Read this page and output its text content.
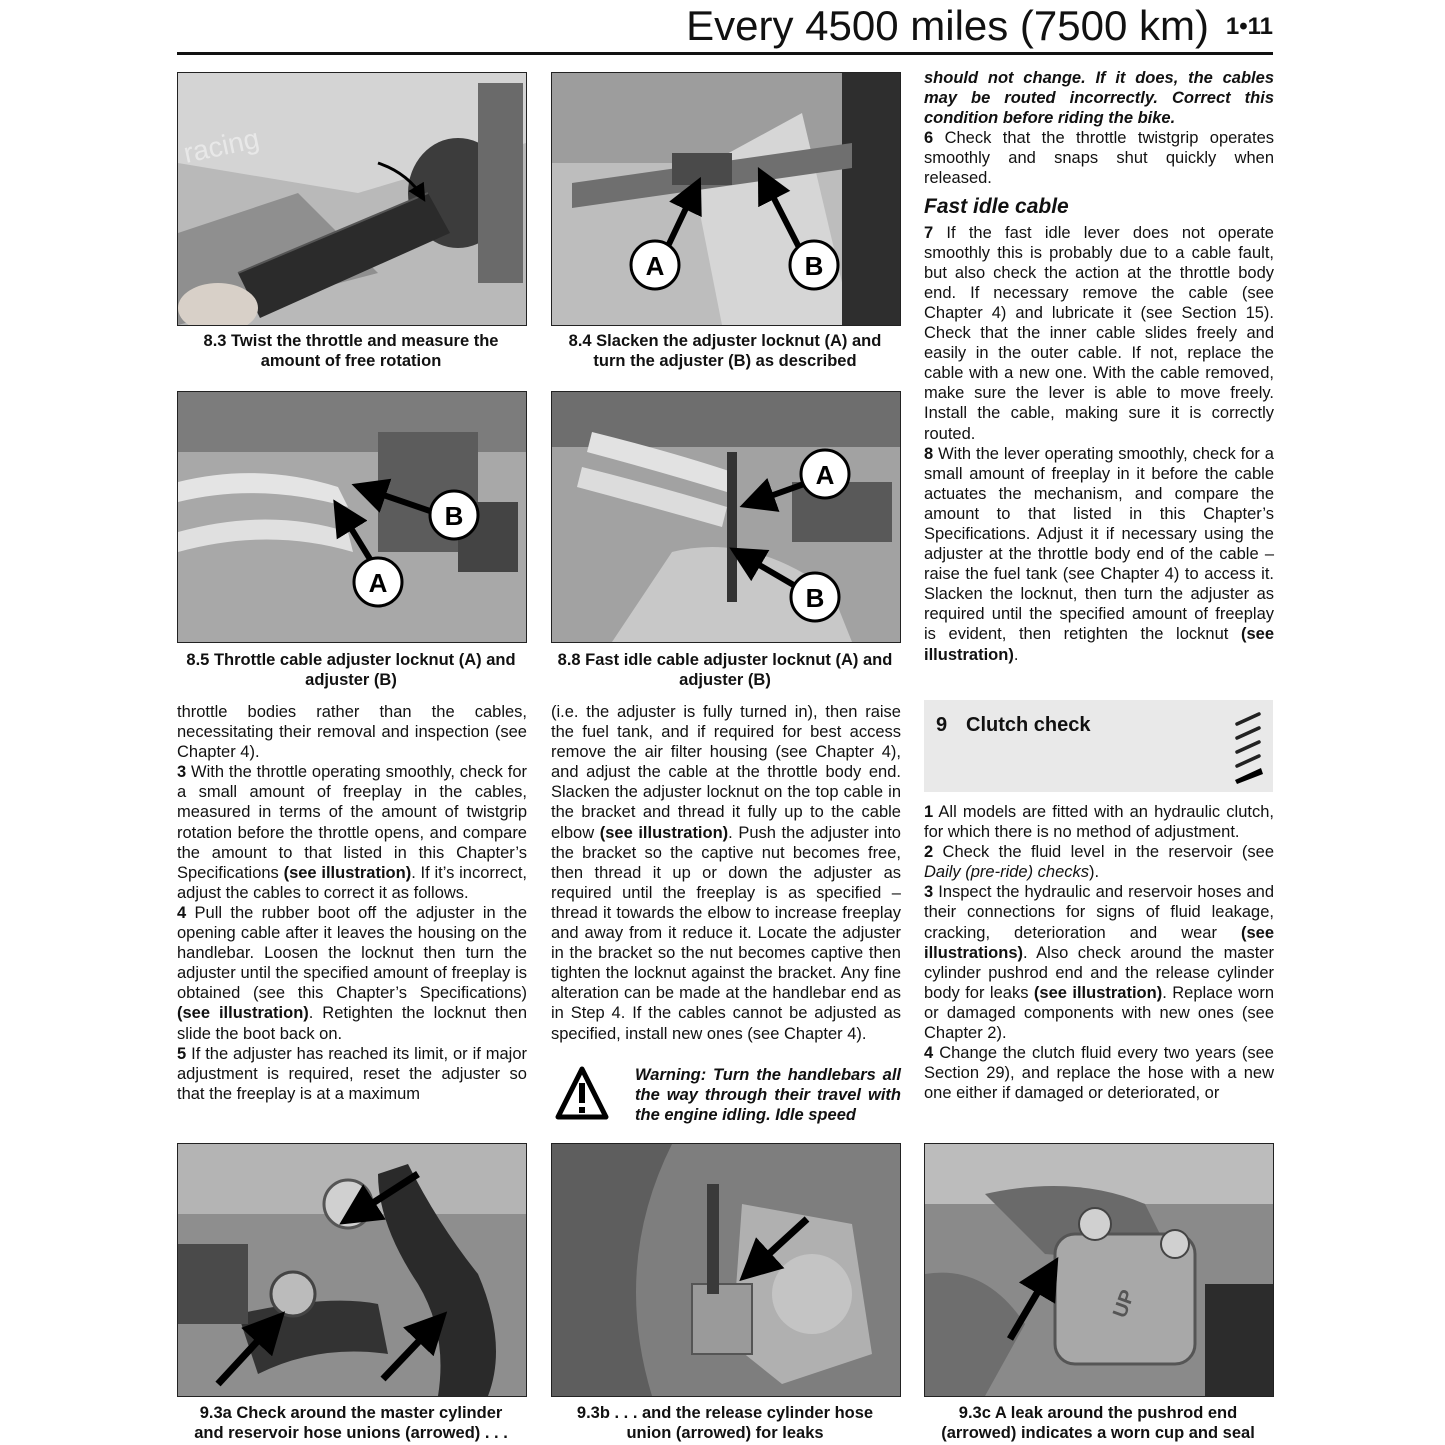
Every 4500 miles (7500 km) 1•11
racing
8.3 Twist the throttle and measure the
amount of free rotation
A	B
8.4 Slacken the adjuster locknut (A) and
turn the adjuster (B) as described
B
A
8.5 Throttle cable adjuster locknut (A) and
adjuster (B)
A
B
8.8 Fast idle cable adjuster locknut (A) and
adjuster (B)

throttle bodies rather than the cables, necessitating their removal and inspection (see Chapter 4).

3 With the throttle operating smoothly, check for a small amount of freeplay in the cables, measured in terms of the amount of twistgrip rotation before the throttle opens, and compare the amount to that listed in this Chapter’s Specifications (see illustration). If it’s incorrect, adjust the cables to correct it as follows.

4 Pull the rubber boot off the adjuster in the opening cable after it leaves the housing on the handlebar. Loosen the locknut then turn the adjuster until the specified amount of freeplay is obtained (see this Chapter’s Specifications) (see illustration). Retighten the locknut then slide the boot back on.

5 If the adjuster has reached its limit, or if major adjustment is required, reset the adjuster so that the freeplay is at a maximum

(i.e. the adjuster is fully turned in), then raise the fuel tank, and if required for best access remove the air filter housing (see Chapter 4), and adjust the cable at the throttle body end. Slacken the adjuster locknut on the top cable in the bracket and thread it fully up to the cable elbow (see illustration). Push the adjuster into the bracket so the captive nut becomes free, then thread it up or down the adjuster as required until the freeplay is as specified – thread it towards the elbow to increase freeplay and away from it reduce it. Locate the adjuster in the bracket so the nut becomes captive then tighten the locknut against the bracket. Any fine alteration can be made at the handlebar end as in Step 4. If the cables cannot be adjusted as specified, install new ones (see Chapter 4).

Warning: Turn the handlebars all the way through their travel with the engine idling. Idle speed

should not change. If it does, the cables may be routed incorrectly. Correct this condition before riding the bike.

6 Check that the throttle twistgrip operates smoothly and snaps shut quickly when released.

Fast idle cable

7 If the fast idle lever does not operate smoothly this is probably due to a cable fault, but also check the action at the throttle body end. If necessary remove the cable (see Chapter 4) and lubricate it (see Section 15). Check that the inner cable slides freely and easily in the outer cable. If not, replace the cable with a new one. With the cable removed, make sure the lever is able to move freely. Install the cable, making sure it is correctly routed.

8 With the lever operating smoothly, check for a small amount of freeplay in it before the cable actuates the mechanism, and compare the amount to that listed in this Chapter’s Specifications. Adjust it if necessary using the adjuster at the throttle body end of the cable – raise the fuel tank (see Chapter 4) to access it. Slacken the locknut, then turn the adjuster as required until the specified amount of freeplay is evident, then retighten the locknut (see illustration).

9 Clutch check

1 All models are fitted with an hydraulic clutch, for which there is no method of adjustment.

2 Check the fluid level in the reservoir (see Daily (pre-ride) checks).

3 Inspect the hydraulic and reservoir hoses and their connections for signs of fluid leakage, cracking, deterioration and wear (see illustrations). Also check around the master cylinder pushrod end and the release cylinder body for leaks (see illustration). Replace worn or damaged components with new ones (see Chapter 2).

4 Change the clutch fluid every two years (see Section 29), and replace the hose with a new one either if damaged or deteriorated, or

9.3a Check around the master cylinder
and reservoir hose unions (arrowed) . . .
9.3b . . . and the release cylinder hose
union (arrowed) for leaks
UP
9.3c A leak around the pushrod end
(arrowed) indicates a worn cup and seal
